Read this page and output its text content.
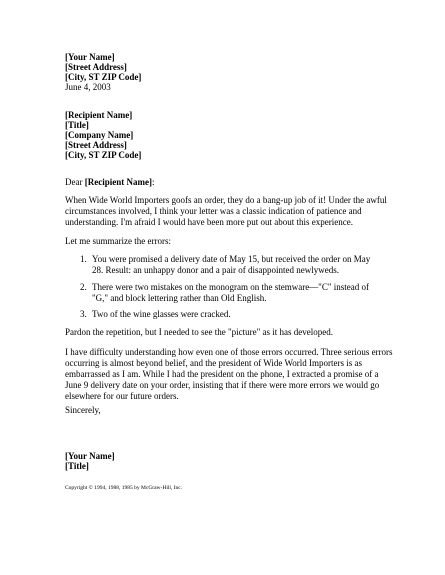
[Your Name]
[Street Address]
[City, ST ZIP Code]
June 4, 2003
[Recipient Name]
[Title]
[Company Name]
[Street Address]
[City, ST ZIP Code]
Dear [Recipient Name]:
When Wide World Importers goofs an order, they do a bang-up job of it! Under the awful circumstances involved, I think your letter was a classic indication of patience and understanding. I'm afraid I would have been more put out about this experience.
Let me summarize the errors:
1. You were promised a delivery date of May 15, but received the order on May 28. Result: an unhappy donor and a pair of disappointed newlyweds.
2. There were two mistakes on the monogram on the stemware—"C" instead of "G," and block lettering rather than Old English.
3. Two of the wine glasses were cracked.
Pardon the repetition, but I needed to see the "picture" as it has developed.
I have difficulty understanding how even one of those errors occurred. Three serious errors occurring is almost beyond belief, and the president of Wide World Importers is as embarrassed as I am. While I had the president on the phone, I extracted a promise of a June 9 delivery date on your order, insisting that if there were more errors we would go elsewhere for our future orders.
Sincerely,
[Your Name]
[Title]
Copyright © 1994, 1988, 1985 by McGraw-Hill, Inc.
